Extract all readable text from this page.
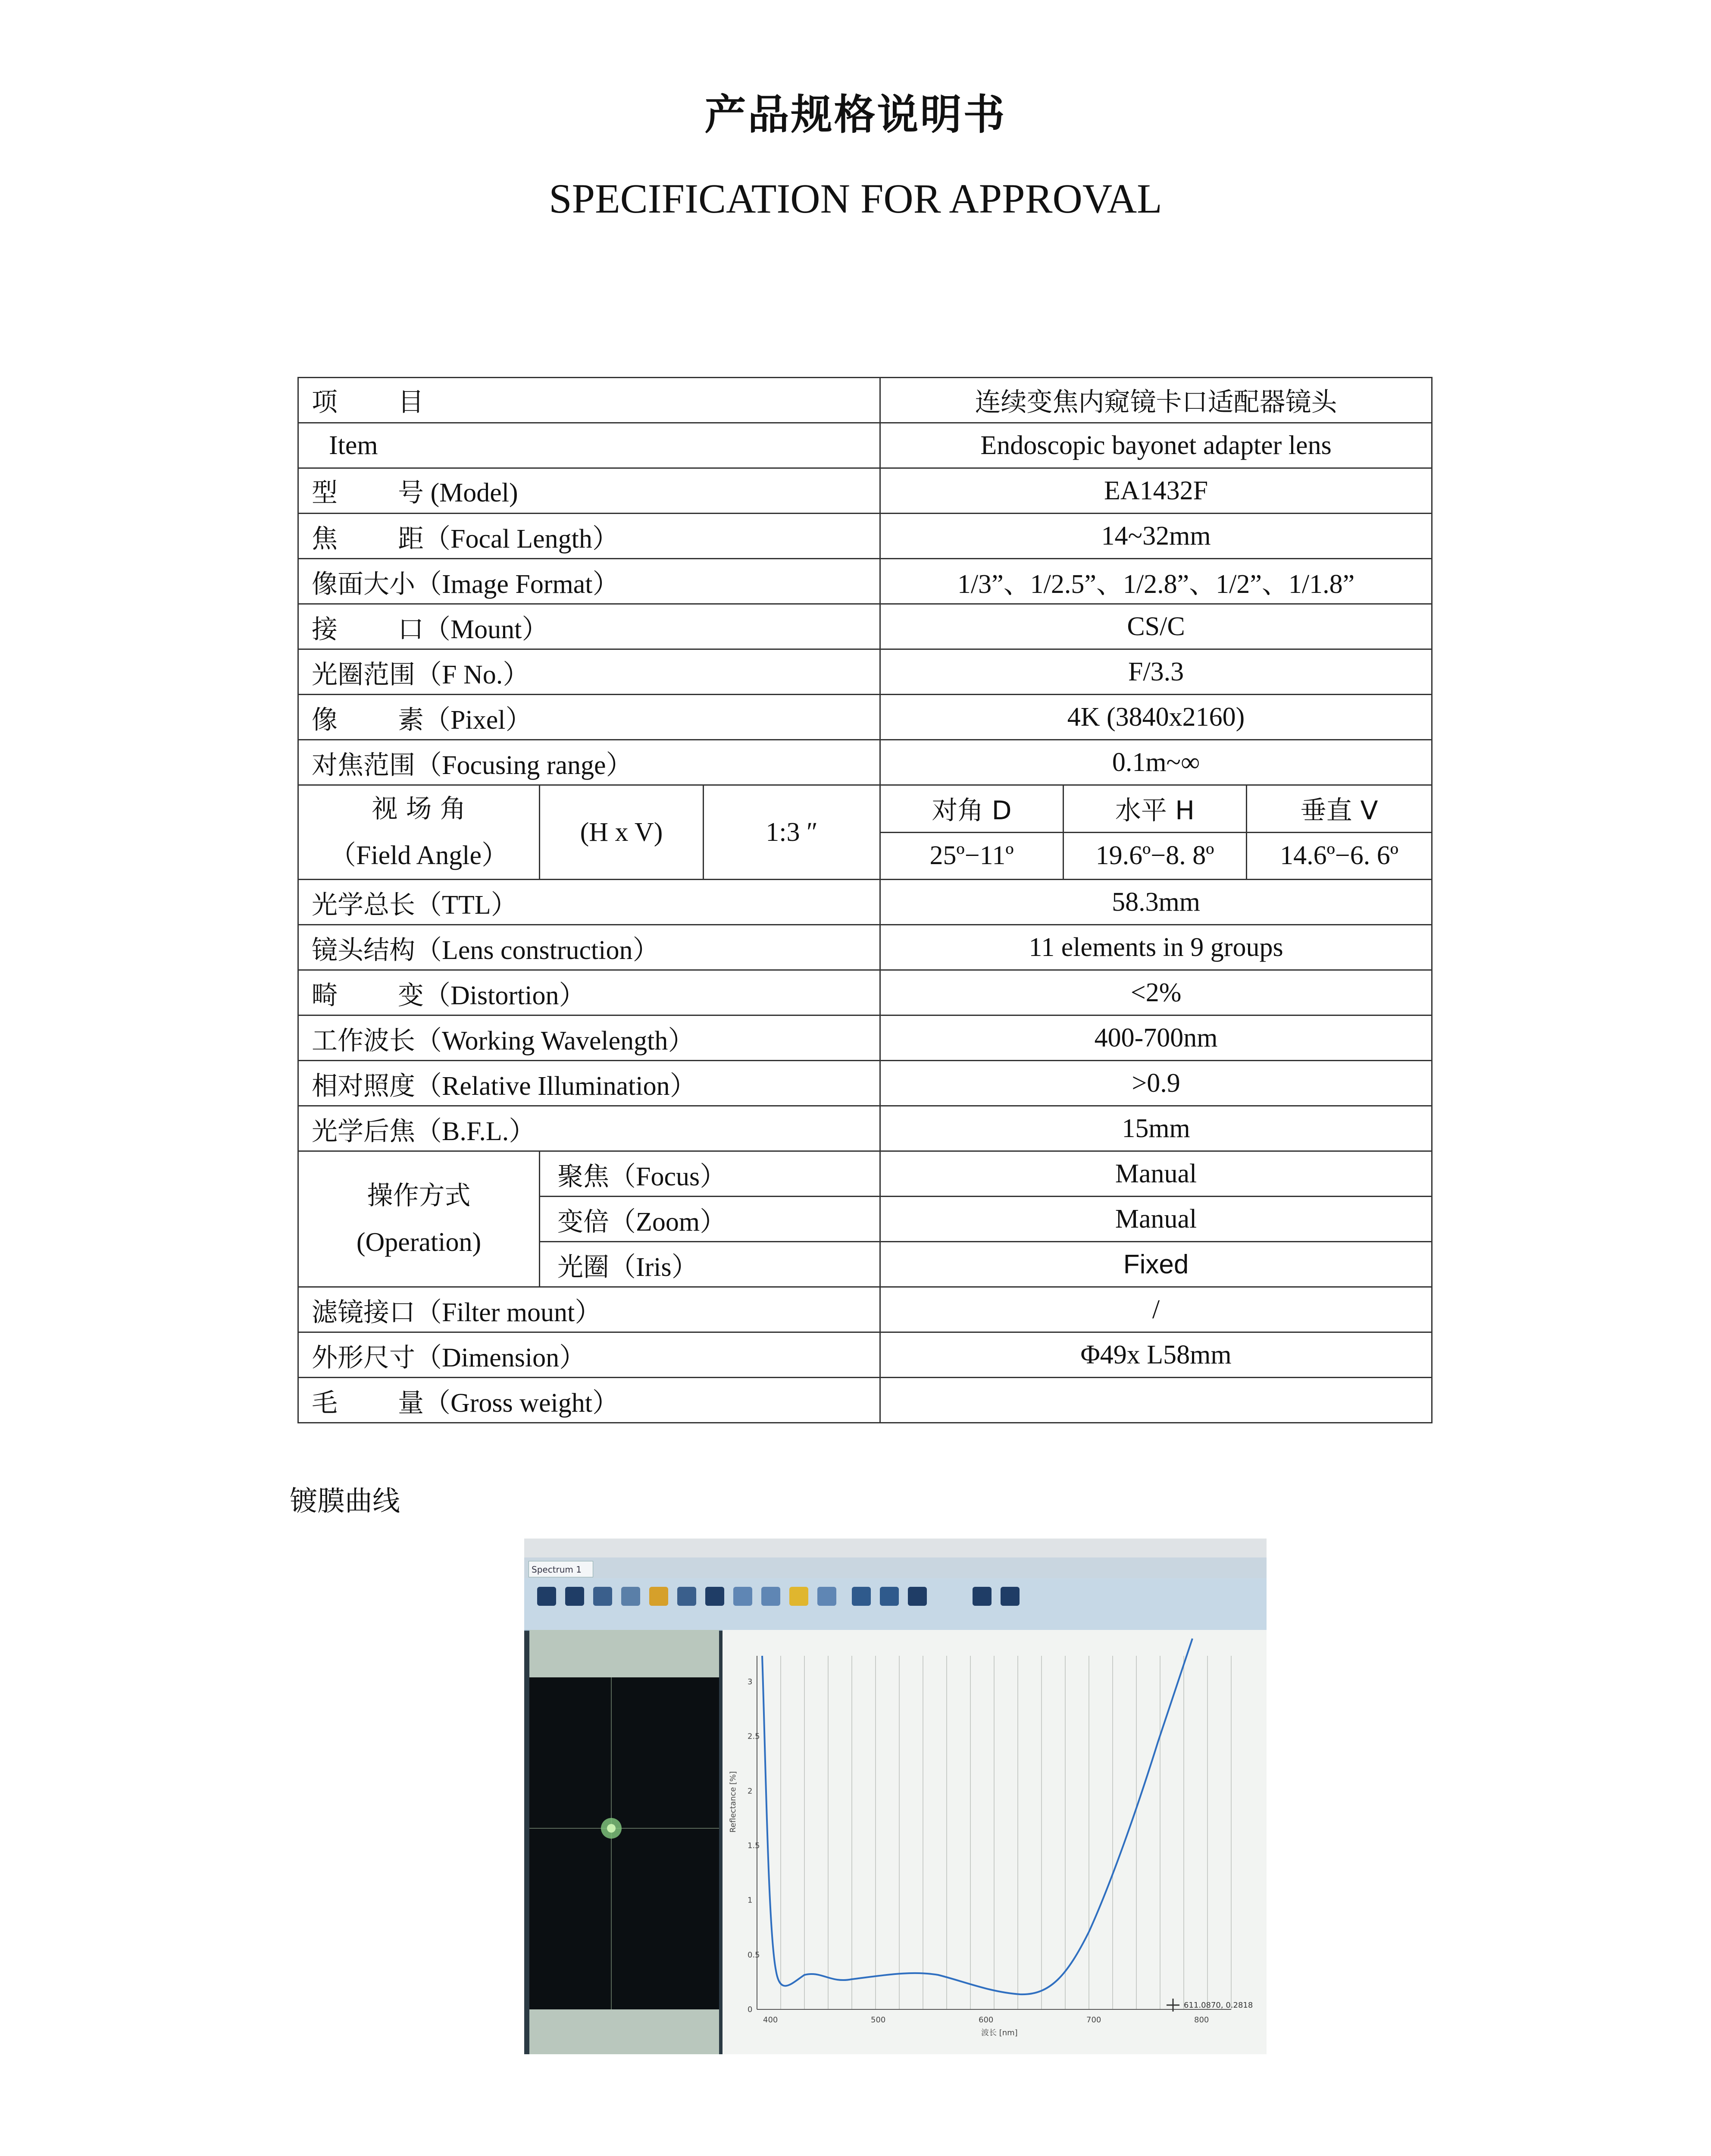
产品规格说明书
SPECIFICATION FOR APPROVAL
项 目			连续变焦内窥镜卡口适配器镜头		
Item			Endoscopic bayonet adapter lens		
型 号 (Model)			EA1432F		
焦 距（Focal Length）			14~32mm		
像面大小（Image Format）			1/3”、1/2.5”、1/2.8”、1/2”、1/1.8”		
接 口（Mount）			CS/C		
光圈范围（F No.）			F/3.3		
像 素（Pixel）			4K (3840x2160)		
对焦范围（Focusing range）			0.1m~∞		
视 场 角
（Field Angle）	(H x V)	1:3 ″	对角 D	水平 H	垂直 V
			25º−11º	19.6º−8. 8º	14.6º−6. 6º
光学总长（TTL）			58.3mm		
镜头结构（Lens construction）			11 elements in 9 groups		
畸 变（Distortion）			<2%		
工作波长（Working Wavelength）			400-700nm		
相对照度（Relative Illumination）			>0.9		
光学后焦（B.F.L.）			15mm		
操作方式
(Operation)	聚焦（Focus）		Manual		
	变倍（Zoom）		Manual		
	光圈（Iris）		Fixed		
滤镜接口（Filter mount）			/		
外形尺寸（Dimension）			Φ49x L58mm		
毛 量（Gross weight）					
镀膜曲线
Spectrum 1
3
2.5
2
1.5
1
0.5
0
400	500	600	700	800
Reflectance [%]
波长 [nm]
611.0870, 0.2818
